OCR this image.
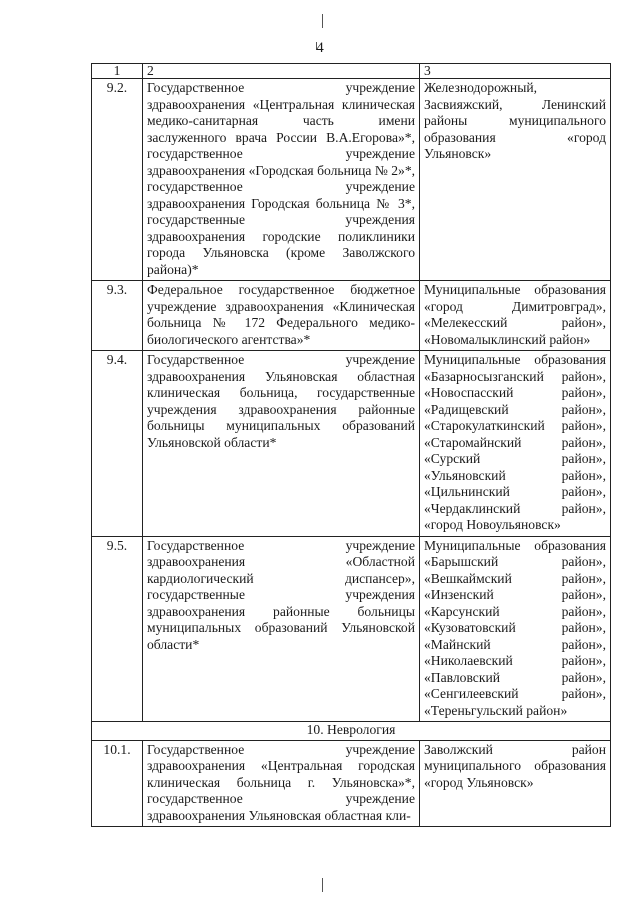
4
1	2	3
9.2.	Государственное учреждение здравоохранения «Центральная клиническая медико-санитарная часть имени заслуженного врача России В.А.Егорова»*, государственное учреждение здравоохранения «Городская больница № 2»*, государственное учреждение здравоохранения Городская больница № 3*, государственные учреждения здравоохранения городские поликлиники города Ульяновска (кроме Заволжского района)*	Железнодорожный, Засвияжский, Ленинский районы муниципального образования «город Ульяновск»
9.3.	Федеральное государственное бюджетное учреждение здравоохранения «Клиническая больница № 172 Федерального медико-биологического агентства»*	Муниципальные образования «город Димитровград», «Мелекесский район», «Новомалыклинский район»
9.4.	Государственное учреждение здравоохранения Ульяновская областная клиническая больница, государственные учреждения здравоохранения районные больницы муниципальных образований Ульяновской области*	Муниципальные образования «Базарносызганский район», «Новоспасский район», «Радищевский район», «Старокулаткинский район», «Старомайнский район», «Сурский район», «Ульяновский район», «Цильнинский район», «Чердаклинский район», «город Новоульяновск»
9.5.	Государственное учреждение здравоохранения «Областной кардиологический диспансер», государственные учреждения здравоохранения районные больницы муниципальных образований Ульяновской области*	Муниципальные образования «Барышский район», «Вешкаймский район», «Инзенский район», «Карсунский район», «Кузоватовский район», «Майнский район», «Николаевский район», «Павловский район», «Сенгилеевский район», «Тереньгульский район»
10. Неврология		
10.1.	Государственное учреждение здравоохранения «Центральная городская клиническая больница г. Ульяновска»*, государственное учреждение здравоохранения Ульяновская областная кли-	Заволжский район муниципального образования «город Ульяновск»
